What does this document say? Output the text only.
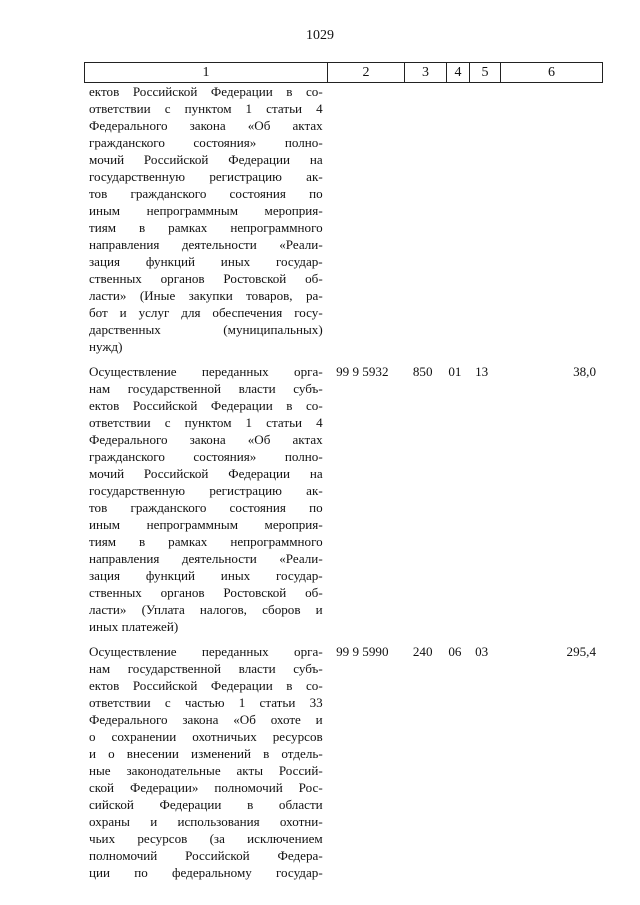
1029
1	2	3	4	5	6
ектов Российской Федерации в со-
ответствии с пунктом 1 статьи 4
Федерального закона «Об актах
гражданского состояния» полно-
мочий Российской Федерации на
государственную регистрацию ак-
тов гражданского состояния по
иным непрограммным мероприя-
тиям в рамках непрограммного
направления деятельности «Реали-
зация функций иных государ-
ственных органов Ростовской об-
ласти» (Иные закупки товаров, ра-
бот и услуг для обеспечения госу-
дарственных (муниципальных)
нужд)
Осуществление переданных орга-
нам государственной власти субъ-
ектов Российской Федерации в со-
ответствии с пунктом 1 статьи 4
Федерального закона «Об актах
гражданского состояния» полно-
мочий Российской Федерации на
государственную регистрацию ак-
тов гражданского состояния по
иным непрограммным мероприя-
тиям в рамках непрограммного
направления деятельности «Реали-
зация функций иных государ-
ственных органов Ростовской об-
ласти» (Уплата налогов, сборов и
иных платежей)
99 9 5932	850	01	13	38,0
Осуществление переданных орга-
нам государственной власти субъ-
ектов Российской Федерации в со-
ответствии с частью 1 статьи 33
Федерального закона «Об охоте и
о сохранении охотничьих ресурсов
и о внесении изменений в отдель-
ные законодательные акты Россий-
ской Федерации» полномочий Рос-
сийской Федерации в области
охраны и использования охотни-
чьих ресурсов (за исключением
полномочий Российской Федера-
ции по федеральному государ-
99 9 5990	240	06	03	295,4
